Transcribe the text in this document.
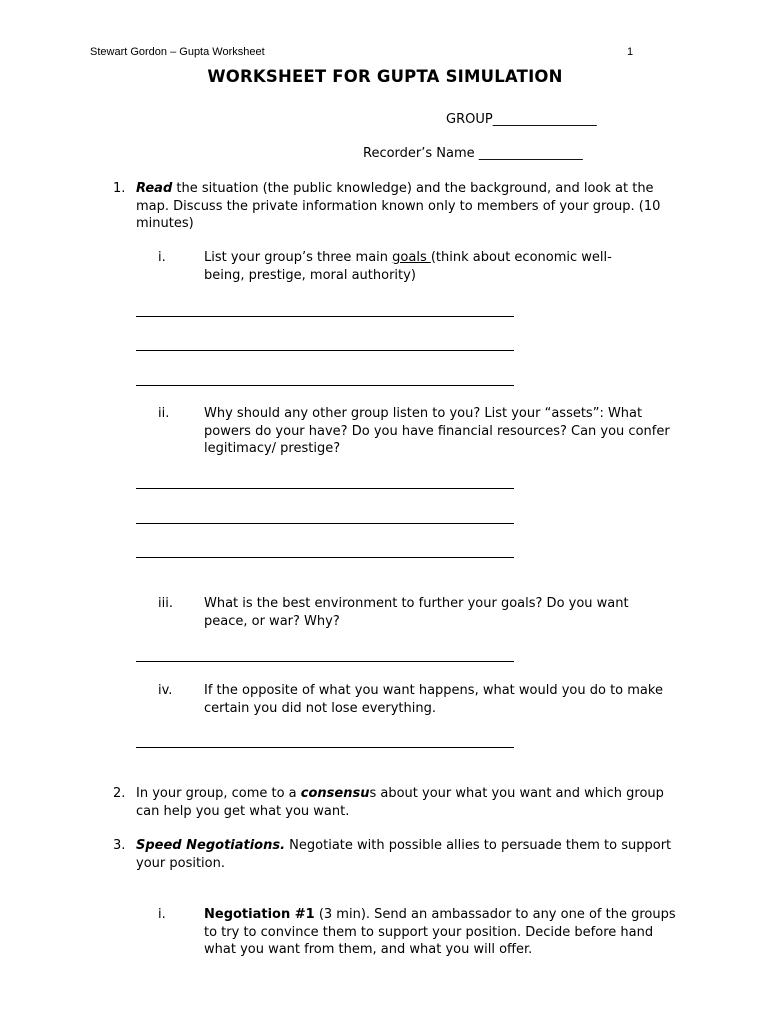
Stewart Gordon – Gupta Worksheet	1
WORKSHEET FOR GUPTA SIMULATION
GROUP________________
Recorder’s Name ________________
1. Read the situation (the public knowledge) and the background, and look at the map. Discuss the private information known only to members of your group. (10 minutes)
i.	List your group’s three main goals (think about economic well-being, prestige, moral authority)
ii.	Why should any other group listen to you? List your “assets”: What powers do your have? Do you have financial resources? Can you confer legitimacy/ prestige?
iii. What is the best environment to further your goals? Do you want peace, or war? Why?
iv. If the opposite of what you want happens, what would you do to make certain you did not lose everything.
2. In your group, come to a consensus about your what you want and which group can help you get what you want.
3. Speed Negotiations. Negotiate with possible allies to persuade them to support your position.
i.	Negotiation #1 (3 min). Send an ambassador to any one of the groups to try to convince them to support your position. Decide before hand what you want from them, and what you will offer.
